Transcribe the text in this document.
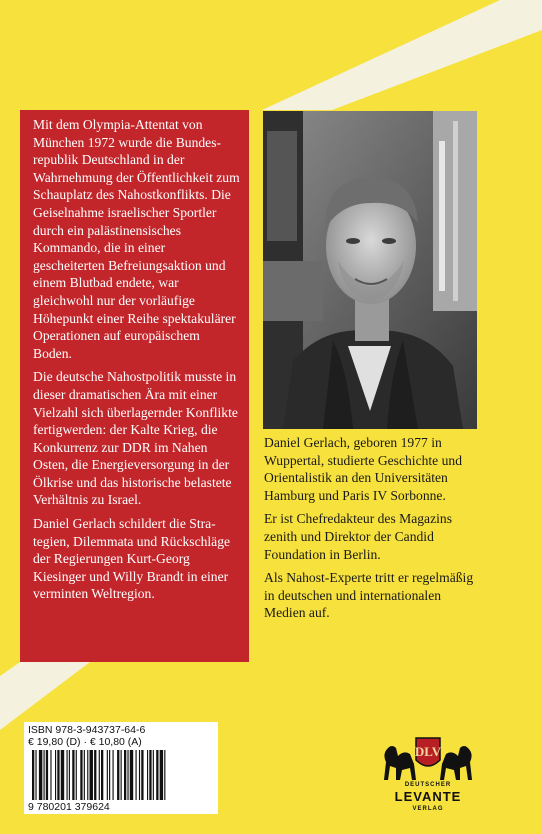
Mit dem Olympia-Attentat von München 1972 wurde die Bundesrepublik Deutschland in der Wahrnehmung der Öffentlichkeit zum Schauplatz des Nahostkonflikts. Die Geiselnahme israelischer Sportler durch ein palästinensisches Kommando, die in einer gescheiterten Befreiungsaktion und einem Blutbad endete, war gleichwohl nur der vorläufige Höhepunkt einer Reihe spektakulärer Operationen auf europäischem Boden.

Die deutsche Nahostpolitik musste in dieser dramatischen Ära mit einer Vielzahl sich überlagernder Konflikte fertigwerden: der Kalte Krieg, die Konkurrenz zur DDR im Nahen Osten, die Energieversorgung in der Ölkrise und das historische belastete Verhältnis zu Israel.

Daniel Gerlach schildert die Strategien, Dilemmata und Rückschläge der Regierungen Kurt-Georg Kiesinger und Willy Brandt in einer verminten Weltregion.

Daniel Gerlach, geboren 1977 in Wuppertal, studierte Geschichte und Orientalistik an den Universitäten Hamburg und Paris IV Sorbonne.

Er ist Chefredakteur des Magazins zenith und Direktor der Candid Foundation in Berlin.

Als Nahost-Experte tritt er regelmäßig in deutschen und internationalen Medien auf.

ISBN 978-3-943737-64-6
€ 19,80 (D) · € 10,80 (A)
9 780201 379624
DLV
DEUTSCHER
LEVANTE
VERLAG
